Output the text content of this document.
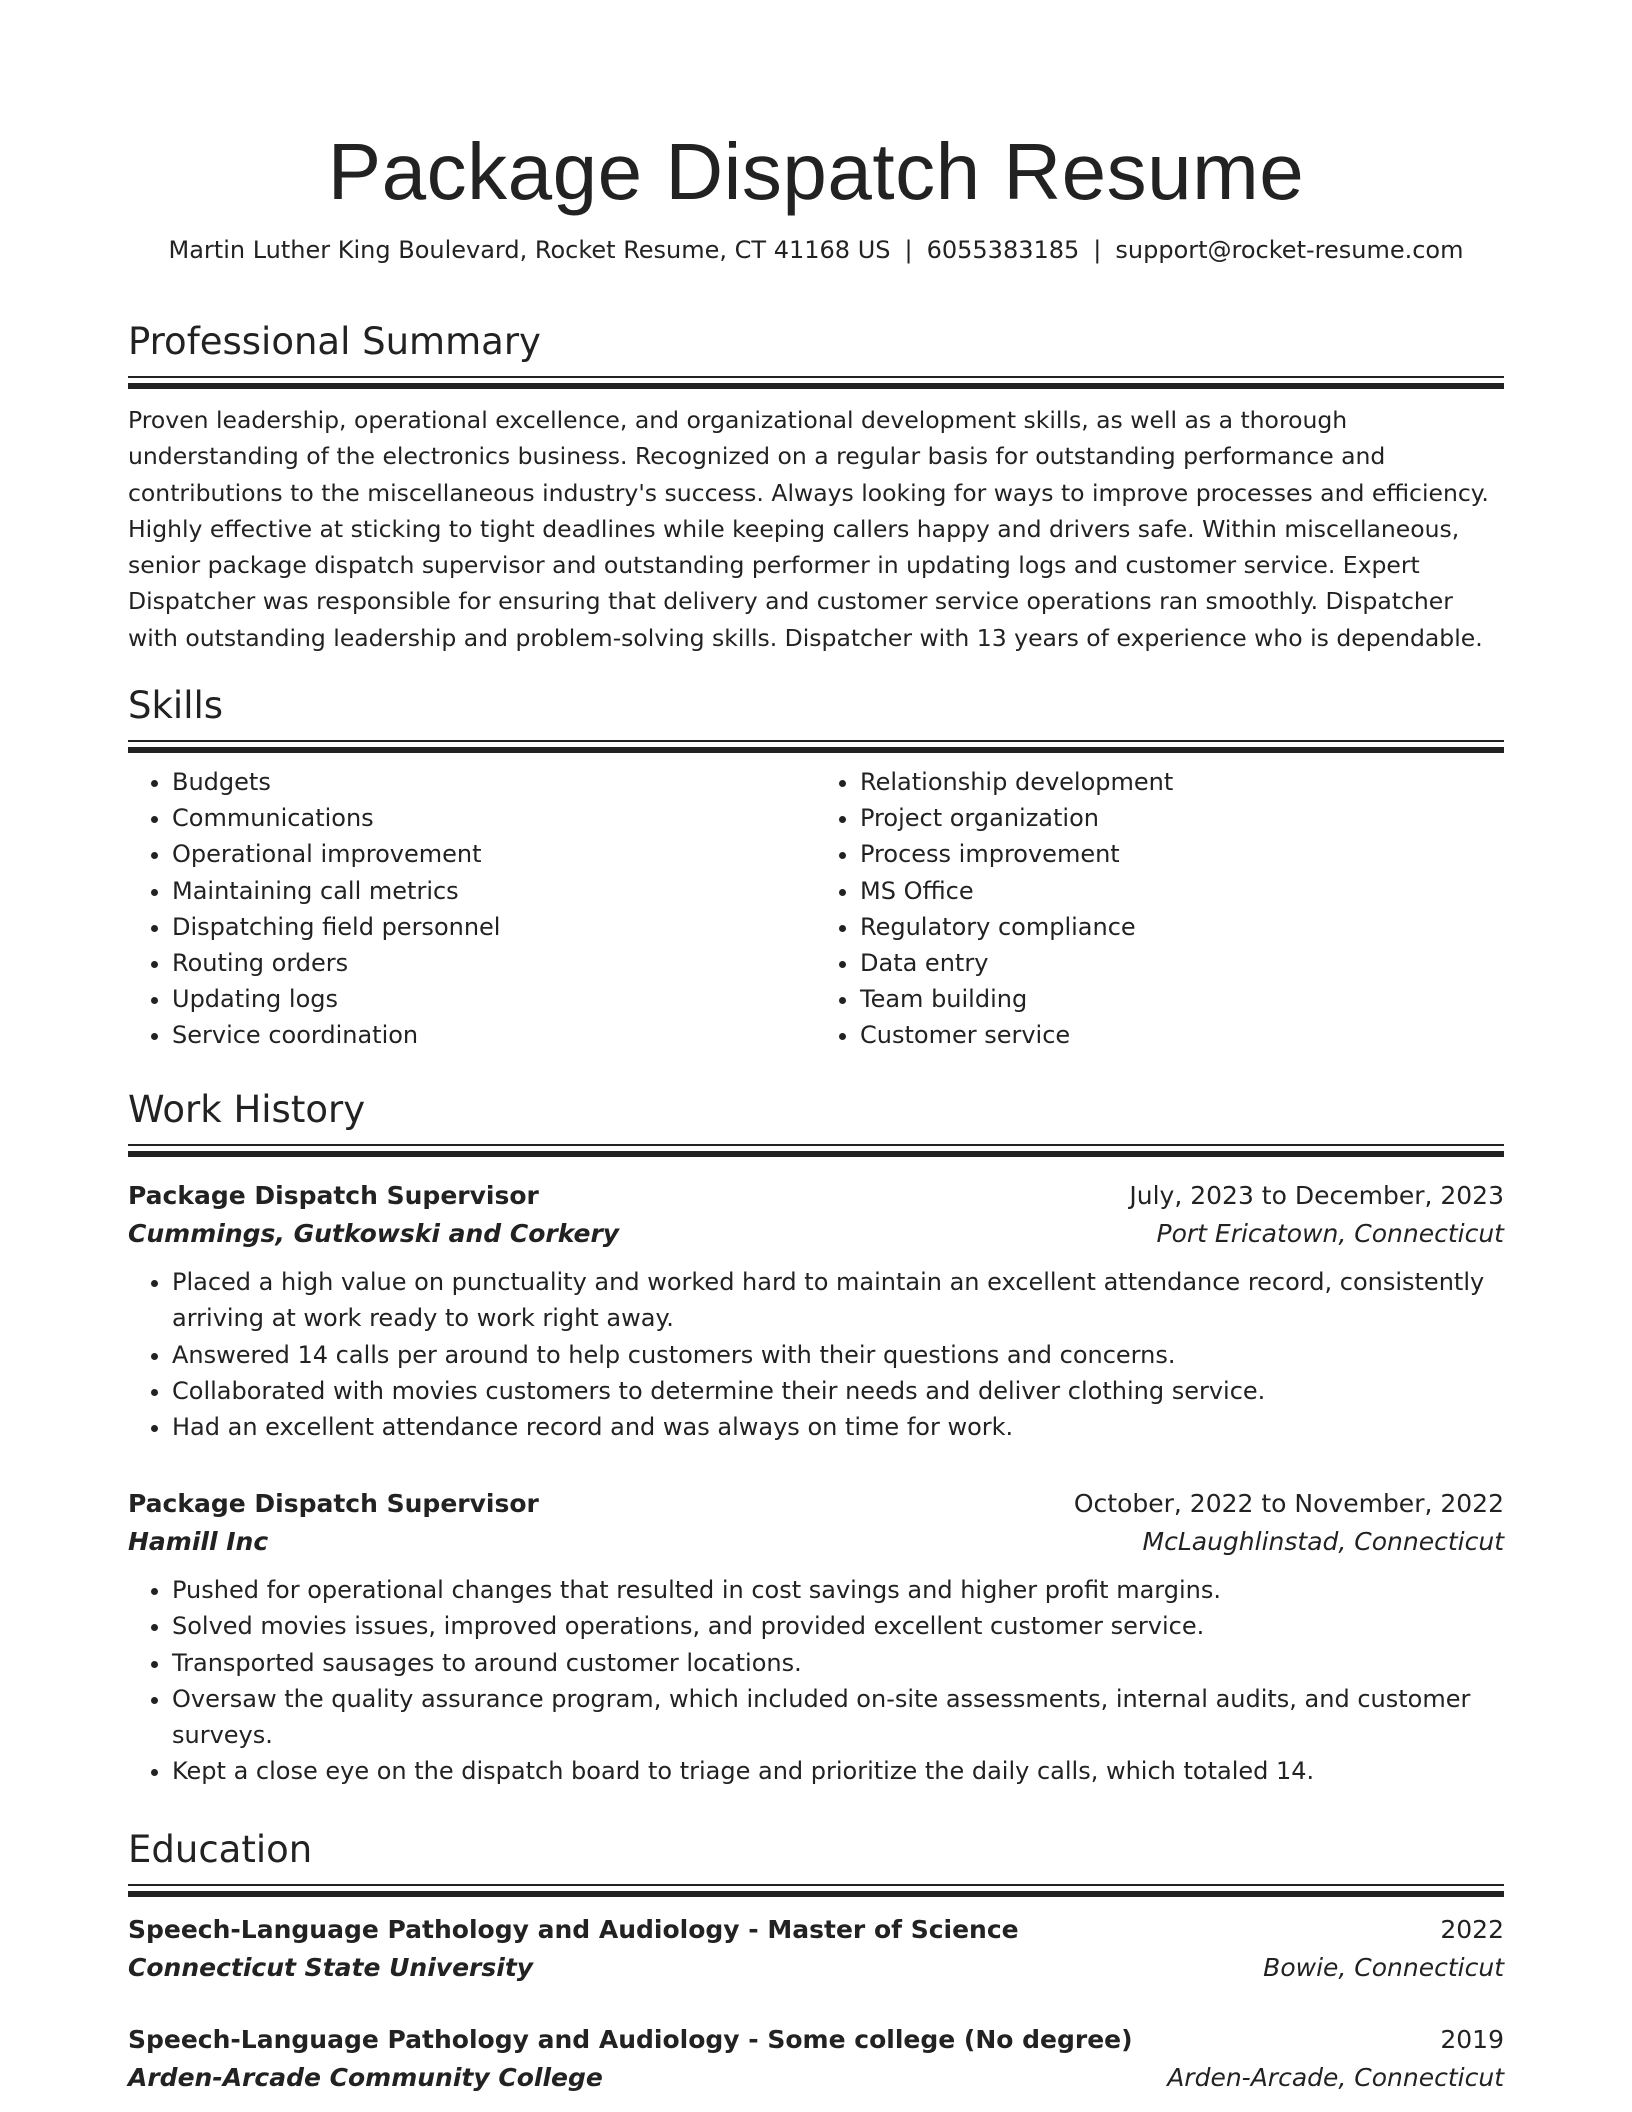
Package Dispatch Resume
Martin Luther King Boulevard, Rocket Resume, CT 41168 US | 6055383185 | support@rocket-resume.com
Professional Summary
Proven leadership, operational excellence, and organizational development skills, as well as a thorough understanding of the electronics business. Recognized on a regular basis for outstanding performance and contributions to the miscellaneous industry's success. Always looking for ways to improve processes and efficiency. Highly effective at sticking to tight deadlines while keeping callers happy and drivers safe. Within miscellaneous, senior package dispatch supervisor and outstanding performer in updating logs and customer service. Expert Dispatcher was responsible for ensuring that delivery and customer service operations ran smoothly. Dispatcher with outstanding leadership and problem-solving skills. Dispatcher with 13 years of experience who is dependable.
Skills
• Budgets
• Communications
• Operational improvement
• Maintaining call metrics
• Dispatching field personnel
• Routing orders
• Updating logs
• Service coordination
• Relationship development
• Project organization
• Process improvement
• MS Office
• Regulatory compliance
• Data entry
• Team building
• Customer service
Work History
Package Dispatch Supervisor	July, 2023 to December, 2023
Cummings, Gutkowski and Corkery	Port Ericatown, Connecticut
• Placed a high value on punctuality and worked hard to maintain an excellent attendance record, consistently arriving at work ready to work right away.
• Answered 14 calls per around to help customers with their questions and concerns.
• Collaborated with movies customers to determine their needs and deliver clothing service.
• Had an excellent attendance record and was always on time for work.
Package Dispatch Supervisor	October, 2022 to November, 2022
Hamill Inc	McLaughlinstad, Connecticut
• Pushed for operational changes that resulted in cost savings and higher profit margins.
• Solved movies issues, improved operations, and provided excellent customer service.
• Transported sausages to around customer locations.
• Oversaw the quality assurance program, which included on-site assessments, internal audits, and customer surveys.
• Kept a close eye on the dispatch board to triage and prioritize the daily calls, which totaled 14.
Education
Speech-Language Pathology and Audiology - Master of Science	2022
Connecticut State University	Bowie, Connecticut
Speech-Language Pathology and Audiology - Some college (No degree)	2019
Arden-Arcade Community College	Arden-Arcade, Connecticut
